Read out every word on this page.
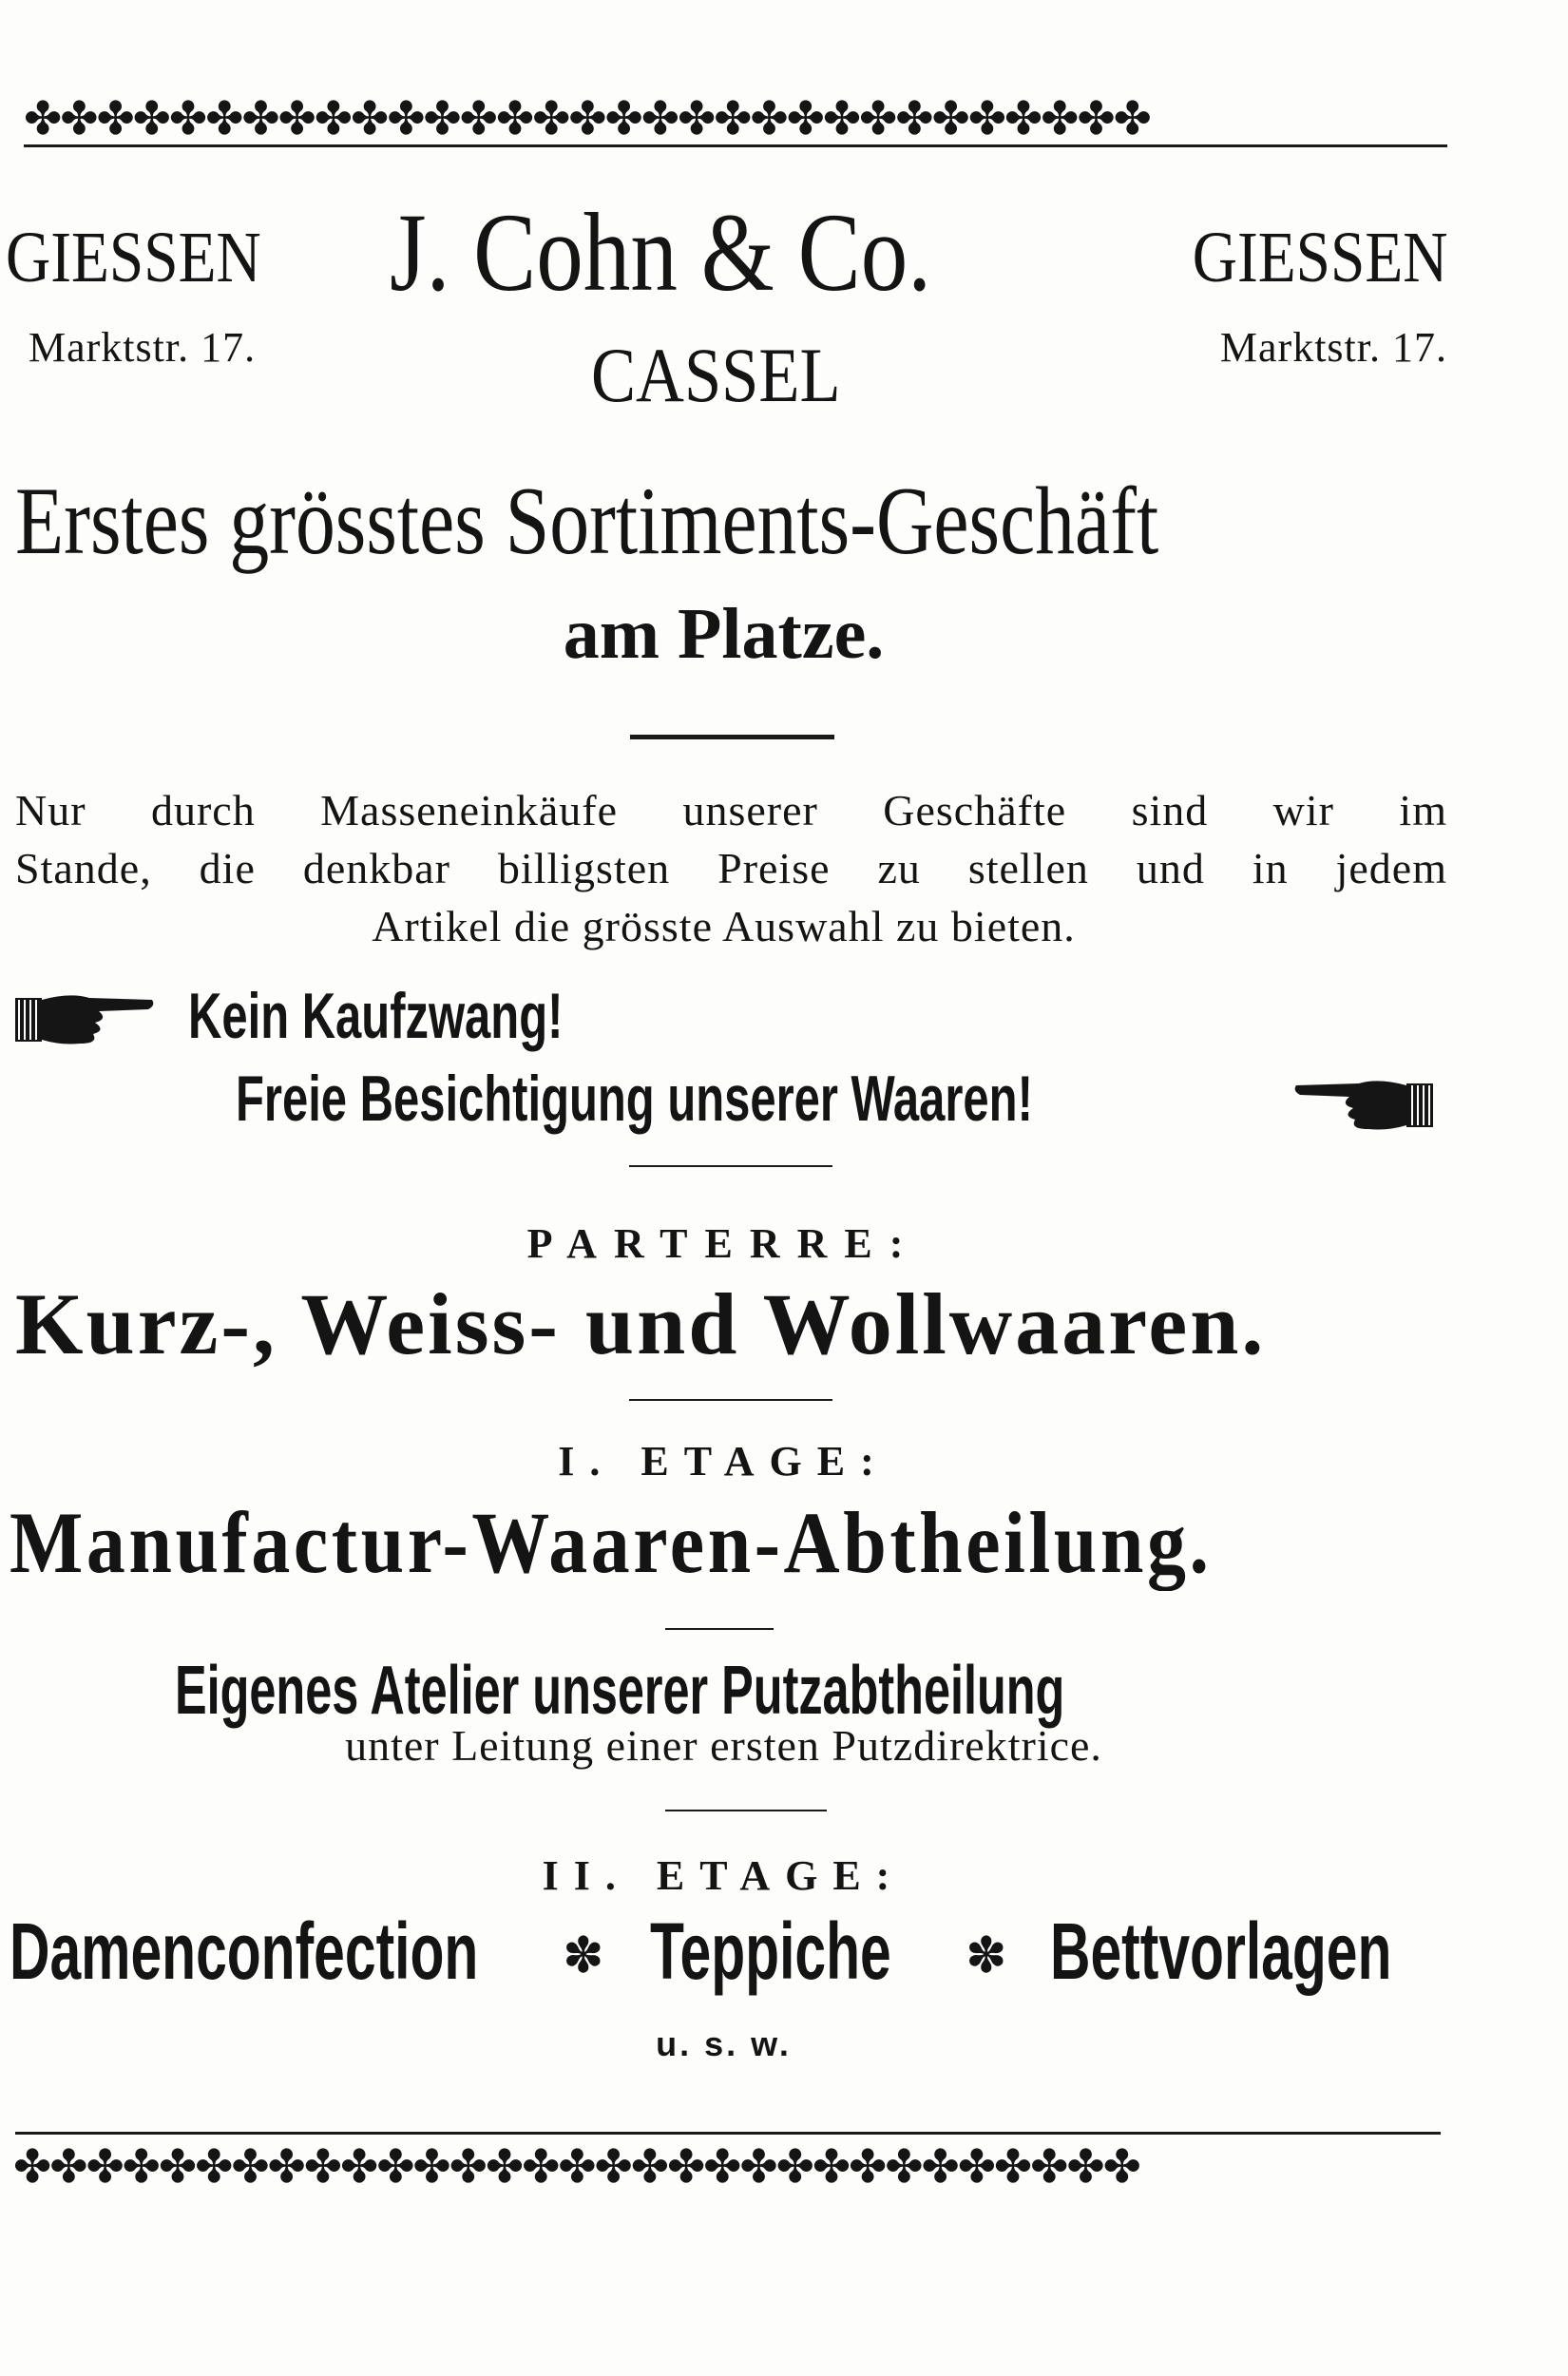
✤✤✤✤✤✤✤✤✤✤✤✤✤✤✤✤✤✤✤✤✤✤✤✤✤✤✤✤✤✤✤
GIESSEN J. Cohn & Co.	GIESSEN
Marktstr. 17.	CASSEL	Marktstr. 17.
Erstes grösstes Sortiments-Geschäft
am Platze.
Nur durch Masseneinkäufe unserer Geschäfte sind wir im
Stande, die denkbar billigsten Preise zu stellen und in jedem
Artikel die grösste Auswahl zu bieten.
Kein Kaufzwang!
Freie Besichtigung unserer Waaren!
PARTERRE:
Kurz-, Weiss- und Wollwaaren.
I. ETAGE:
Manufactur-Waaren-Abtheilung.
Eigenes Atelier unserer Putzabtheilung
unter Leitung einer ersten Putzdirektrice.
II. ETAGE:
Damenconfection ✽ Teppiche ✽ Bettvorlagen
u. s. w.
✤✤✤✤✤✤✤✤✤✤✤✤✤✤✤✤✤✤✤✤✤✤✤✤✤✤✤✤✤✤✤
